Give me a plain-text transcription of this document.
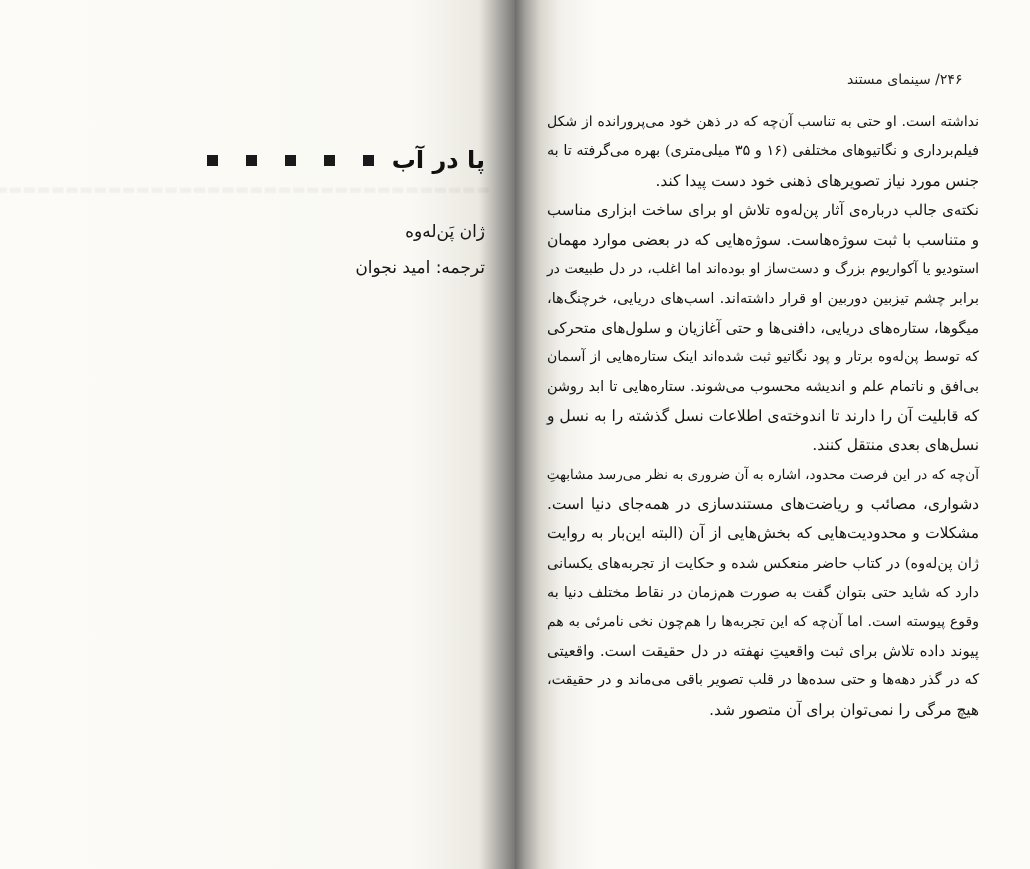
پا در آب
ژان پَن‌له‌وه
ترجمه: امید نجوان
۲۴۶/ سینمای مستند
نداشته است. او حتی به تناسب آن‌چه که در ذهن خود می‌پرورانده از شکل
فیلم‌برداری و نگاتیوهای مختلفی (۱۶ و ۳۵ میلی‌متری) بهره می‌گرفته تا به
جنس مورد نیاز تصویرهای ذهنی خود دست پیدا کند.
نکته‌ی جالب درباره‌ی آثار پن‌له‌وه تلاش او برای ساخت ابزاری مناسب
و متناسب با ثبت سوژه‌هاست. سوژه‌هایی که در بعضی موارد مهمان
استودیو یا آکواریوم بزرگ و دست‌ساز او بوده‌اند اما اغلب، در دل طبیعت در
برابر چشم تیزبین دوربین او قرار داشته‌اند. اسب‌های دریایی، خرچنگ‌ها،
میگوها، ستاره‌های دریایی، دافنی‌ها و حتی آغازیان و سلول‌های متحرکی
که توسط پن‌له‌وه برتار و پود نگاتیو ثبت شده‌اند اینک ستاره‌هایی از آسمان
بی‌افق و ناتمام علم و اندیشه محسوب می‌شوند. ستاره‌هایی تا ابد روشن
که قابلیت آن را دارند تا اندوخته‌ی اطلاعات نسل گذشته را به نسل و
نسل‌های بعدی منتقل کنند.
آن‌چه که در این فرصت محدود، اشاره به آن ضروری به نظر می‌رسد مشابهتِ
دشواری، مصائب و ریاضت‌های مستندسازی در همه‌جای دنیا است.
مشکلات و محدودیت‌هایی که بخش‌هایی از آن (البته این‌بار به روایت
ژان پن‌له‌وه) در کتاب حاضر منعکس شده و حکایت از تجربه‌های یکسانی
دارد که شاید حتی بتوان گفت به صورت هم‌زمان در نقاط مختلف دنیا به
وقوع پیوسته است. اما آن‌چه که این تجربه‌ها را هم‌چون نخی نامرئی به هم
پیوند داده تلاش برای ثبت واقعیتِ نهفته در دل حقیقت است. واقعیتی
که در گذر دهه‌ها و حتی سده‌ها در قلب تصویر باقی می‌ماند و در حقیقت،
هیچ مرگی را نمی‌توان برای آن متصور شد.
